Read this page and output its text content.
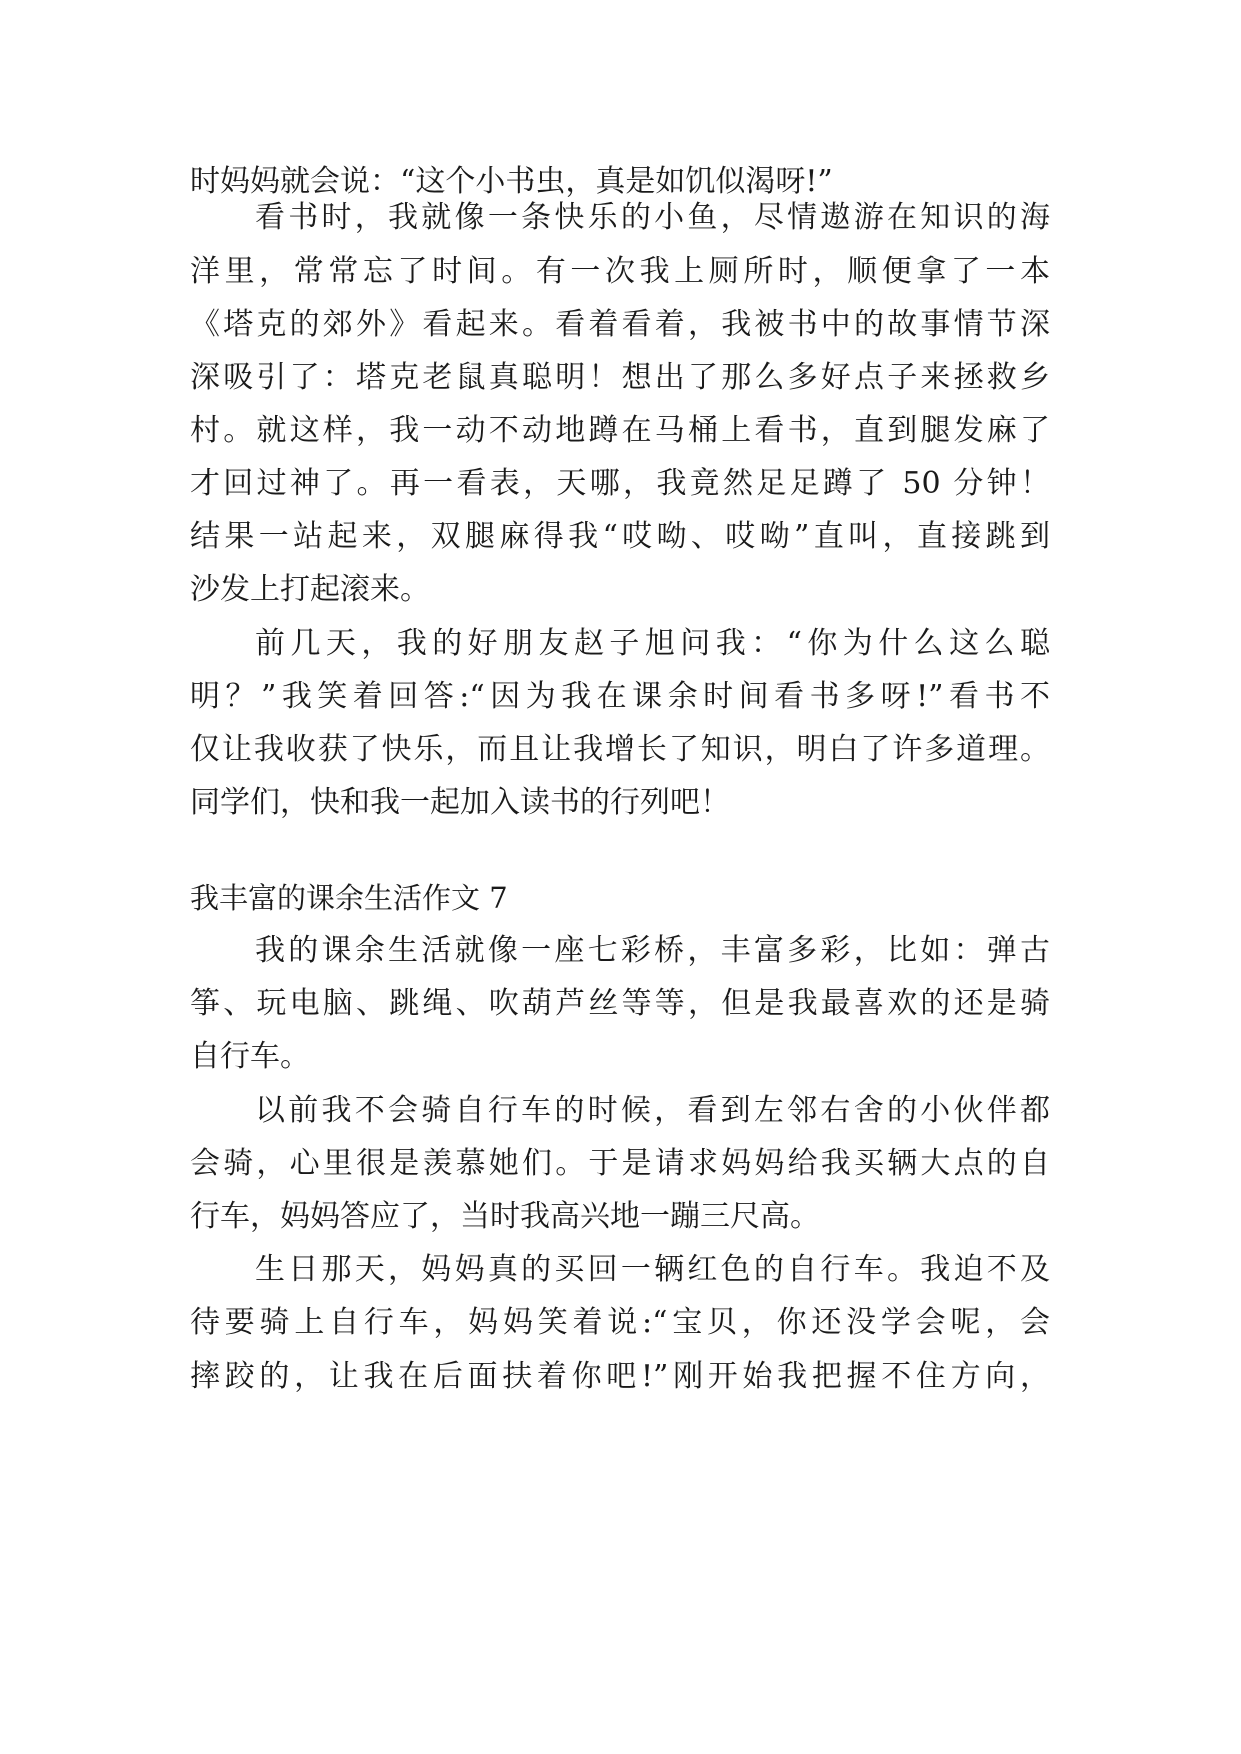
时妈妈就会说：“这个小书虫，真是如饥似渴呀!”
看书时，我就像一条快乐的小鱼，尽情遨游在知识的海
洋里，常常忘了时间。有一次我上厕所时，顺便拿了一本
《塔克的郊外》看起来。看着看着，我被书中的故事情节深
深吸引了：塔克老鼠真聪明！想出了那么多好点子来拯救乡
村。就这样，我一动不动地蹲在马桶上看书，直到腿发麻了
才回过神了。再一看表，天哪，我竟然足足蹲了 50 分钟！
结果一站起来，双腿麻得我“哎呦、哎呦”直叫，直接跳到
沙发上打起滚来。
前几天，我的好朋友赵子旭问我：“你为什么这么聪
明？”我笑着回答:“因为我在课余时间看书多呀!”看书不
仅让我收获了快乐，而且让我增长了知识，明白了许多道理。
同学们，快和我一起加入读书的行列吧！
我丰富的课余生活作文 7
我的课余生活就像一座七彩桥，丰富多彩，比如：弹古
筝、玩电脑、跳绳、吹葫芦丝等等，但是我最喜欢的还是骑
自行车。
以前我不会骑自行车的时候，看到左邻右舍的小伙伴都
会骑，心里很是羡慕她们。于是请求妈妈给我买辆大点的自
行车，妈妈答应了，当时我高兴地一蹦三尺高。
生日那天，妈妈真的买回一辆红色的自行车。我迫不及
待要骑上自行车，妈妈笑着说:“宝贝，你还没学会呢，会
摔跤的，让我在后面扶着你吧!”刚开始我把握不住方向，
